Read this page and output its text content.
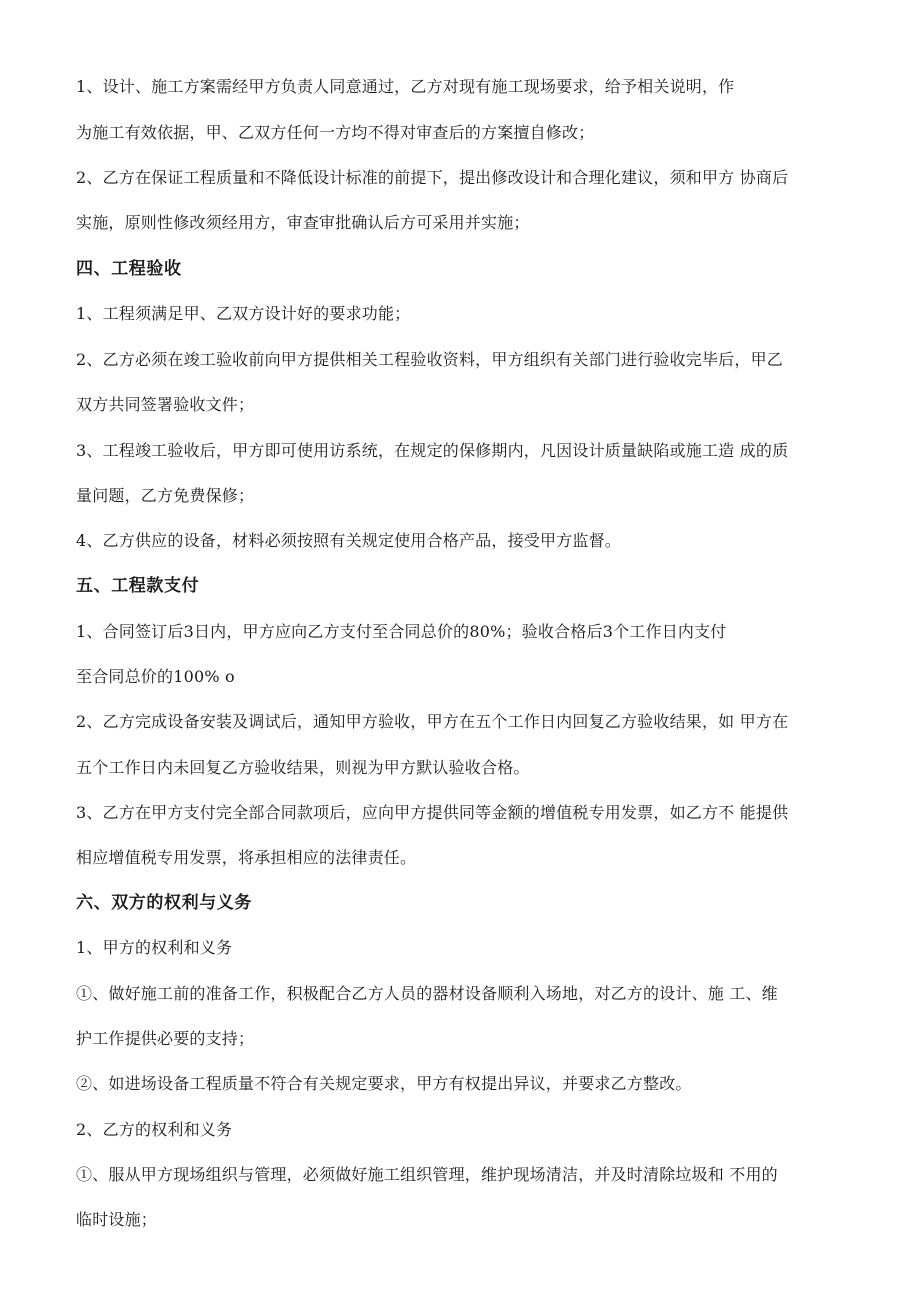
1、设计、施工方案需经甲方负责人同意通过，乙方对现有施工现场要求，给予相关说明，作
为施工有效依据，甲、乙双方任何一方均不得对审查后的方案擅自修改；
2、乙方在保证工程质量和不降低设计标准的前提下，提出修改设计和合理化建议，须和甲方 协商后
实施，原则性修改须经用方，审查审批确认后方可采用并实施；
四、工程验收
1、工程须满足甲、乙双方设计好的要求功能；
2、乙方必须在竣工验收前向甲方提供相关工程验收资料，甲方组织有关部门进行验收完毕后，甲乙
双方共同签署验收文件；
3、工程竣工验收后，甲方即可使用访系统，在规定的保修期内，凡因设计质量缺陷或施工造 成的质
量问题，乙方免费保修；
4、乙方供应的设备，材料必须按照有关规定使用合格产品，接受甲方监督。
五、工程款支付
1、合同签订后3日内，甲方应向乙方支付至合同总价的80%；验收合格后3个工作日内支付
至合同总价的100% o
2、乙方完成设备安装及调试后，通知甲方验收，甲方在五个工作日内回复乙方验收结果，如 甲方在
五个工作日内未回复乙方验收结果，则视为甲方默认验收合格。
3、乙方在甲方支付完全部合同款项后，应向甲方提供同等金额的增值税专用发票，如乙方不 能提供
相应增值税专用发票，将承担相应的法律责任。
六、双方的权利与义务
1、甲方的权利和义务
①、做好施工前的准备工作，积极配合乙方人员的器材设备顺利入场地，对乙方的设计、施 工、维
护工作提供必要的支持；
②、如进场设备工程质量不符合有关规定要求，甲方有权提出异议，并要求乙方整改。
2、乙方的权利和义务
①、服从甲方现场组织与管理，必须做好施工组织管理，维护现场清洁，并及时清除垃圾和 不用的
临时设施；
